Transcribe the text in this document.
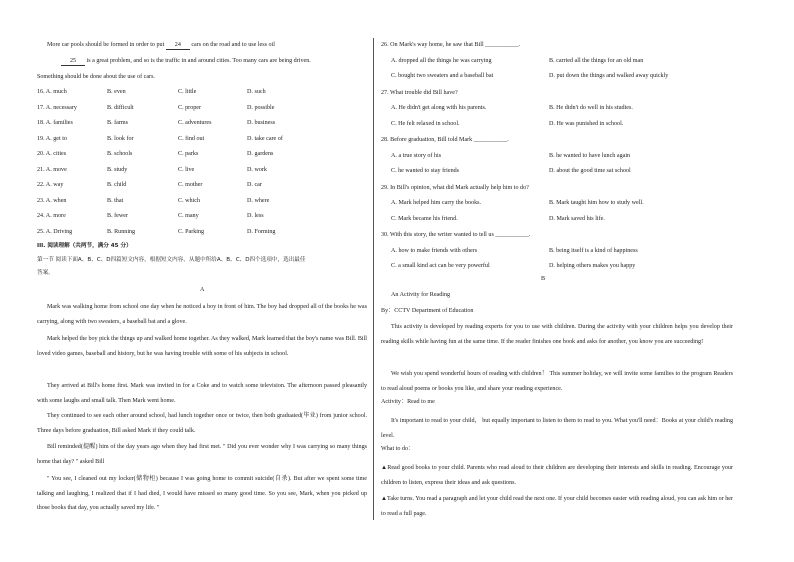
More car pools should be formed in order to put 24 cars on the road and to use less oil
25 is a great problem, and so is the traffic in and around cities. Too many cars are being driven.
Something should be done about the use of cars.
16. A. much	B. even	C. little	D. such
17. A. necessary	B. difficult	C. proper	D. possible
18. A. families	B. farms	C. adventures	D. business
19. A. get to	B. look for	C. find out	D. take care of
20. A. cities	B. schools	C. parks	D. gardens
21. A. move	B. study	C. live	D. work
22. A. way	B. child	C. mother	D. car
23. A. when	B. that	C. which	D. where
24. A. more	B. fewer	C. many	D. less
25. A. Driving	B. Running	C. Parking	D. Forming
III. 阅读理解（共两节，满分 45 分）
第一节 阅读下面A、B、C、D四篇短文内容，根据短文内容，从题中所给A、B、C、D四个选项中，选出最佳
答案。
A
Mark was walking home from school one day when he noticed a boy in front of him. The boy had dropped all of the books he was carrying, along with two sweaters, a baseball bat and a glove.
Mark helped the boy pick the things up and walked home together. As they walked, Mark learned that the boy's name was Bill. Bill loved video games, baseball and history, but he was having trouble with some of his subjects in school.
They arrived at Bill's home first. Mark was invited in for a Coke and to watch some television. The afternoon passed pleasantly with some laughs and small talk. Then Mark went home.
They continued to see each other around school, had lunch together once or twice, then both graduated(毕业) from junior school. Three days before graduation, Bill asked Mark if they could talk.
Bill reminded(提醒) him of the day years ago when they had first met. " Did you ever wonder why I was carrying so many things home that day? " asked Bill
" You see, I cleaned out my locker(储物柜) because I was going home to commit suicide(自杀). But after we spent some time talking and laughing, I realized that if I had died, I would have missed so many good time. So you see, Mark, when you picked up those books that day, you actually saved my life. "
26. On Mark's way home, he saw that Bill ___________.
A. dropped all the things he was carrying	B. carried all the things for an old man
C. bought two sweaters and a baseball bat	D. put down the things and walked away quickly
27. What trouble did Bill have?
A. He didn't get along with his parents.	B. He didn't do well in his studies.
C. He felt relaxed in school.	D. He was punished in school.
28. Before graduation, Bill told Mark ___________.
A. a true story of his	B. he wanted to have lunch again
C. he wanted to stay friends	D. about the good time sat school
29. In Bill's opinion, what did Mark actually help him to do?
A. Mark helped him carry the books.	B. Mark taught him how to study well.
C. Mark became his friend.	D. Mark saved his life.
30. With this story, the writer wanted to tell us ___________.
A. how to make friends with others	B. being itself is a kind of happiness
C. a small kind act can be very powerful	D. helping others makes you happy
B
An Activity for Reading
By：CCTV Department of Education
This activity is developed by reading experts for you to use with children. During the activity with your children helps you develop their reading skills while having fun at the same time. If the reader finishes one book and asks for another, you know you are succeeding!
We wish you spend wonderful hours of reading with children！ This summer holiday, we will invite some families to the program Readers to read aloud poems or books you like, and share your reading experience.
Activity：Read to me
It's important to read to your child， but equally important to listen to them to read to you. What you'll need：Books at your child's reading level.
What to do：
▲Read good books to your child. Parents who read aloud to their children are developing their interests and skills in reading. Encourage your children to listen, express their ideas and ask questions.
▲Take turns. You read a paragraph and let your child read the next one. If your child becomes easier with reading aloud, you can ask him or her to read a full page.
